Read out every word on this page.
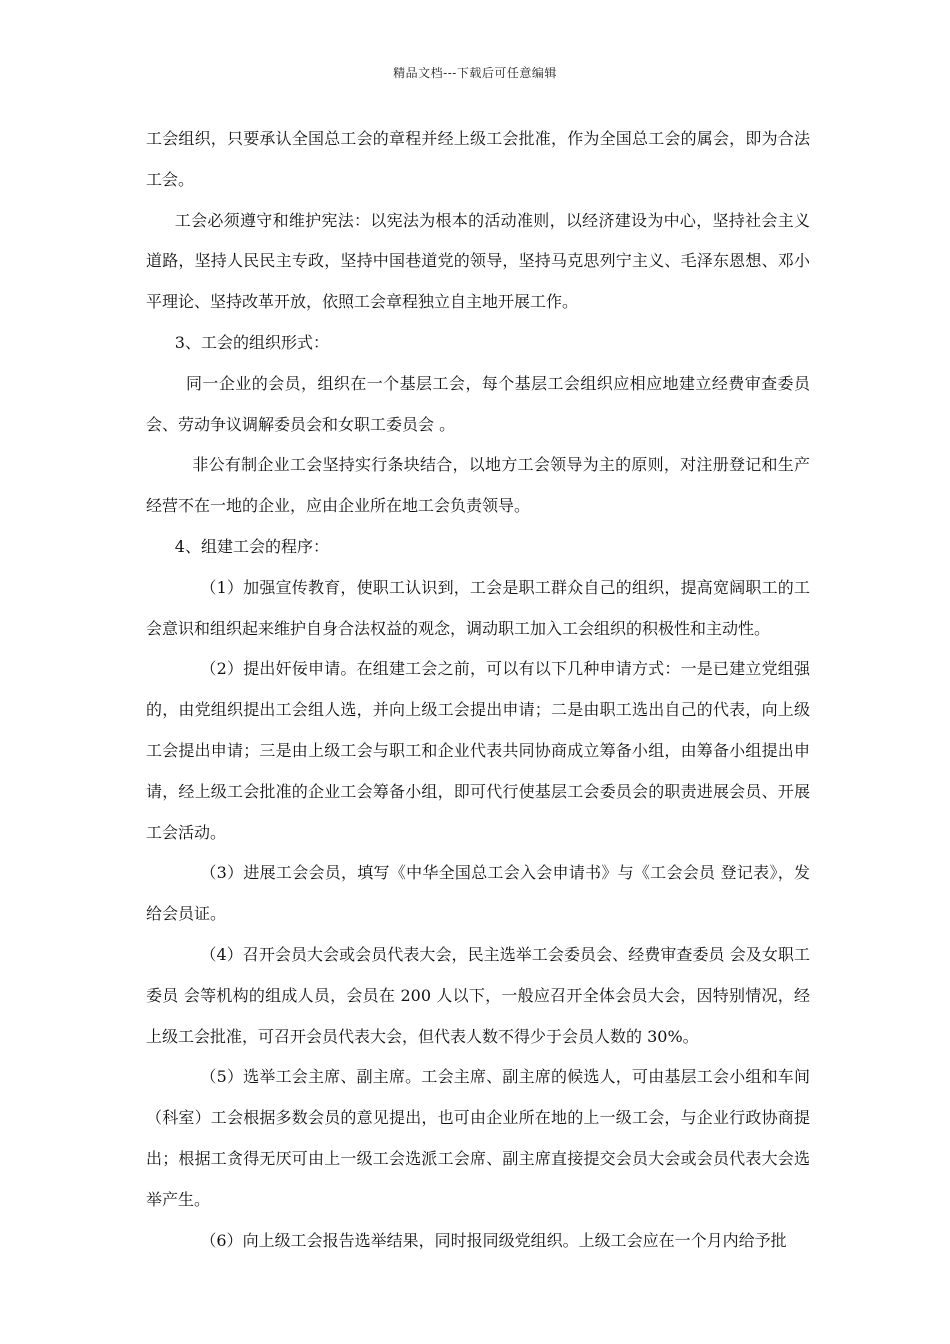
精品文档---下载后可任意编辑

工会组织，只要承认全国总工会的章程并经上级工会批准，作为全国总工会的属会，即为合法工会。

工会必须遵守和维护宪法：以宪法为根本的活动准则，以经济建设为中心，坚持社会主义道路，坚持人民民主专政，坚持中国巷道党的领导，坚持马克思列宁主义、毛泽东恩想、邓小平理论、坚持改革开放，依照工会章程独立自主地开展工作。

3、工会的组织形式：

同一企业的会员，组织在一个基层工会，每个基层工会组织应相应地建立经费审查委员会、劳动争议调解委员会和女职工委员会 。

非公有制企业工会坚持实行条块结合，以地方工会领导为主的原则，对注册登记和生产经营不在一地的企业，应由企业所在地工会负责领导。

4、组建工会的程序：

（1）加强宣传教育，使职工认识到，工会是职工群众自己的组织，提高宽阔职工的工会意识和组织起来维护自身合法权益的观念，调动职工加入工会组织的积极性和主动性。

（2）提出奸佞申请。在组建工会之前，可以有以下几种申请方式：一是已建立党组强的，由党组织提出工会组人选，并向上级工会提出申请；二是由职工选出自己的代表，向上级工会提出申请；三是由上级工会与职工和企业代表共同协商成立筹备小组，由筹备小组提出申请，经上级工会批准的企业工会筹备小组，即可代行使基层工会委员会的职责进展会员、开展工会活动。

（3）进展工会会员，填写《中华全国总工会入会申请书》与《工会会员 登记表》，发给会员证。

（4）召开会员大会或会员代表大会，民主选举工会委员会、经费审查委员 会及女职工委员 会等机构的组成人员，会员在 200 人以下，一般应召开全体会员大会，因特别情况，经上级工会批准，可召开会员代表大会，但代表人数不得少于会员人数的 30%。

（5）选举工会主席、副主席。工会主席、副主席的候选人，可由基层工会小组和车间（科室）工会根据多数会员的意见提出，也可由企业所在地的上一级工会，与企业行政协商提出；根据工贪得无厌可由上一级工会选派工会席、副主席直接提交会员大会或会员代表大会选举产生。

（6）向上级工会报告选举结果，同时报同级党组织。上级工会应在一个月内给予批
